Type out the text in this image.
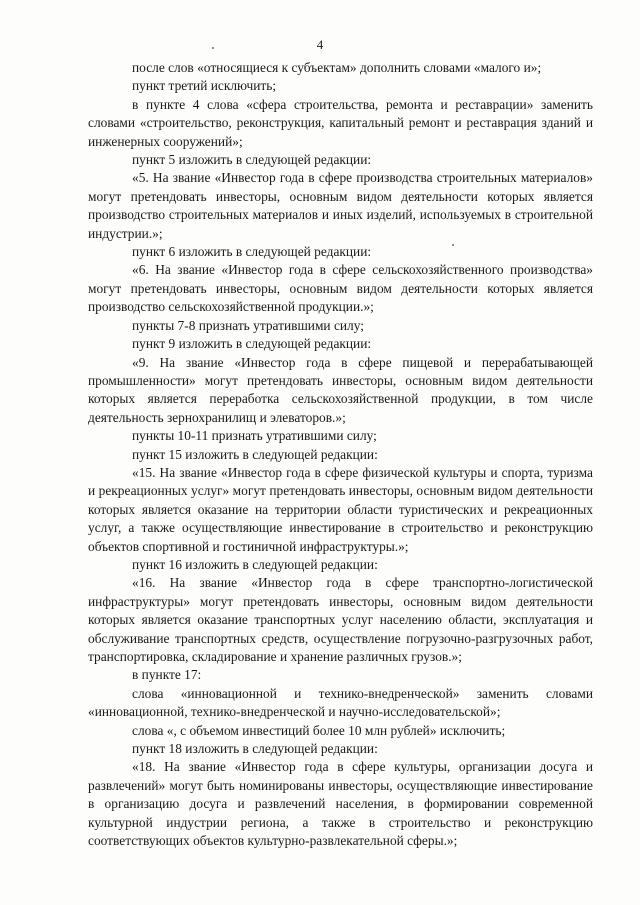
4

после слов «относящиеся к субъектам» дополнить словами «малого и»;

пункт третий исключить;

в пункте 4 слова «сфера строительства, ремонта и реставрации» заменить словами «строительство, реконструкция, капитальный ремонт и реставрация зданий и инженерных сооружений»;

пункт 5 изложить в следующей редакции:

«5. На звание «Инвестор года в сфере производства строительных материалов» могут претендовать инвесторы, основным видом деятельности которых является производство строительных материалов и иных изделий, используемых в строительной индустрии.»;

пункт 6 изложить в следующей редакции:

«6. На звание «Инвестор года в сфере сельскохозяйственного производства» могут претендовать инвесторы, основным видом деятельности которых является производство сельскохозяйственной продукции.»;

пункты 7-8 признать утратившими силу;

пункт 9 изложить в следующей редакции:

«9. На звание «Инвестор года в сфере пищевой и перерабатывающей промышленности» могут претендовать инвесторы, основным видом деятельности которых является переработка сельскохозяйственной продукции, в том числе деятельность зернохранилищ и элеваторов.»;

пункты 10-11 признать утратившими силу;

пункт 15 изложить в следующей редакции:

«15. На звание «Инвестор года в сфере физической культуры и спорта, туризма и рекреационных услуг» могут претендовать инвесторы, основным видом деятельности которых является оказание на территории области туристических и рекреационных услуг, а также осуществляющие инвестирование в строительство и реконструкцию объектов спортивной и гостиничной инфраструктуры.»;

пункт 16 изложить в следующей редакции:

«16. На звание «Инвестор года в сфере транспортно-логистической инфраструктуры» могут претендовать инвесторы, основным видом деятельности которых является оказание транспортных услуг населению области, эксплуатация и обслуживание транспортных средств, осуществление погрузочно-разгрузочных работ, транспортировка, складирование и хранение различных грузов.»;

в пункте 17:

слова «инновационной и технико-внедренческой» заменить словами «инновационной, технико-внедренческой и научно-исследовательской»;

слова «, с объемом инвестиций более 10 млн рублей» исключить;

пункт 18 изложить в следующей редакции:

«18. На звание «Инвестор года в сфере культуры, организации досуга и развлечений» могут быть номинированы инвесторы, осуществляющие инвестирование в организацию досуга и развлечений населения, в формировании современной культурной индустрии региона, а также в строительство и реконструкцию соответствующих объектов культурно-развлекательной сферы.»;
